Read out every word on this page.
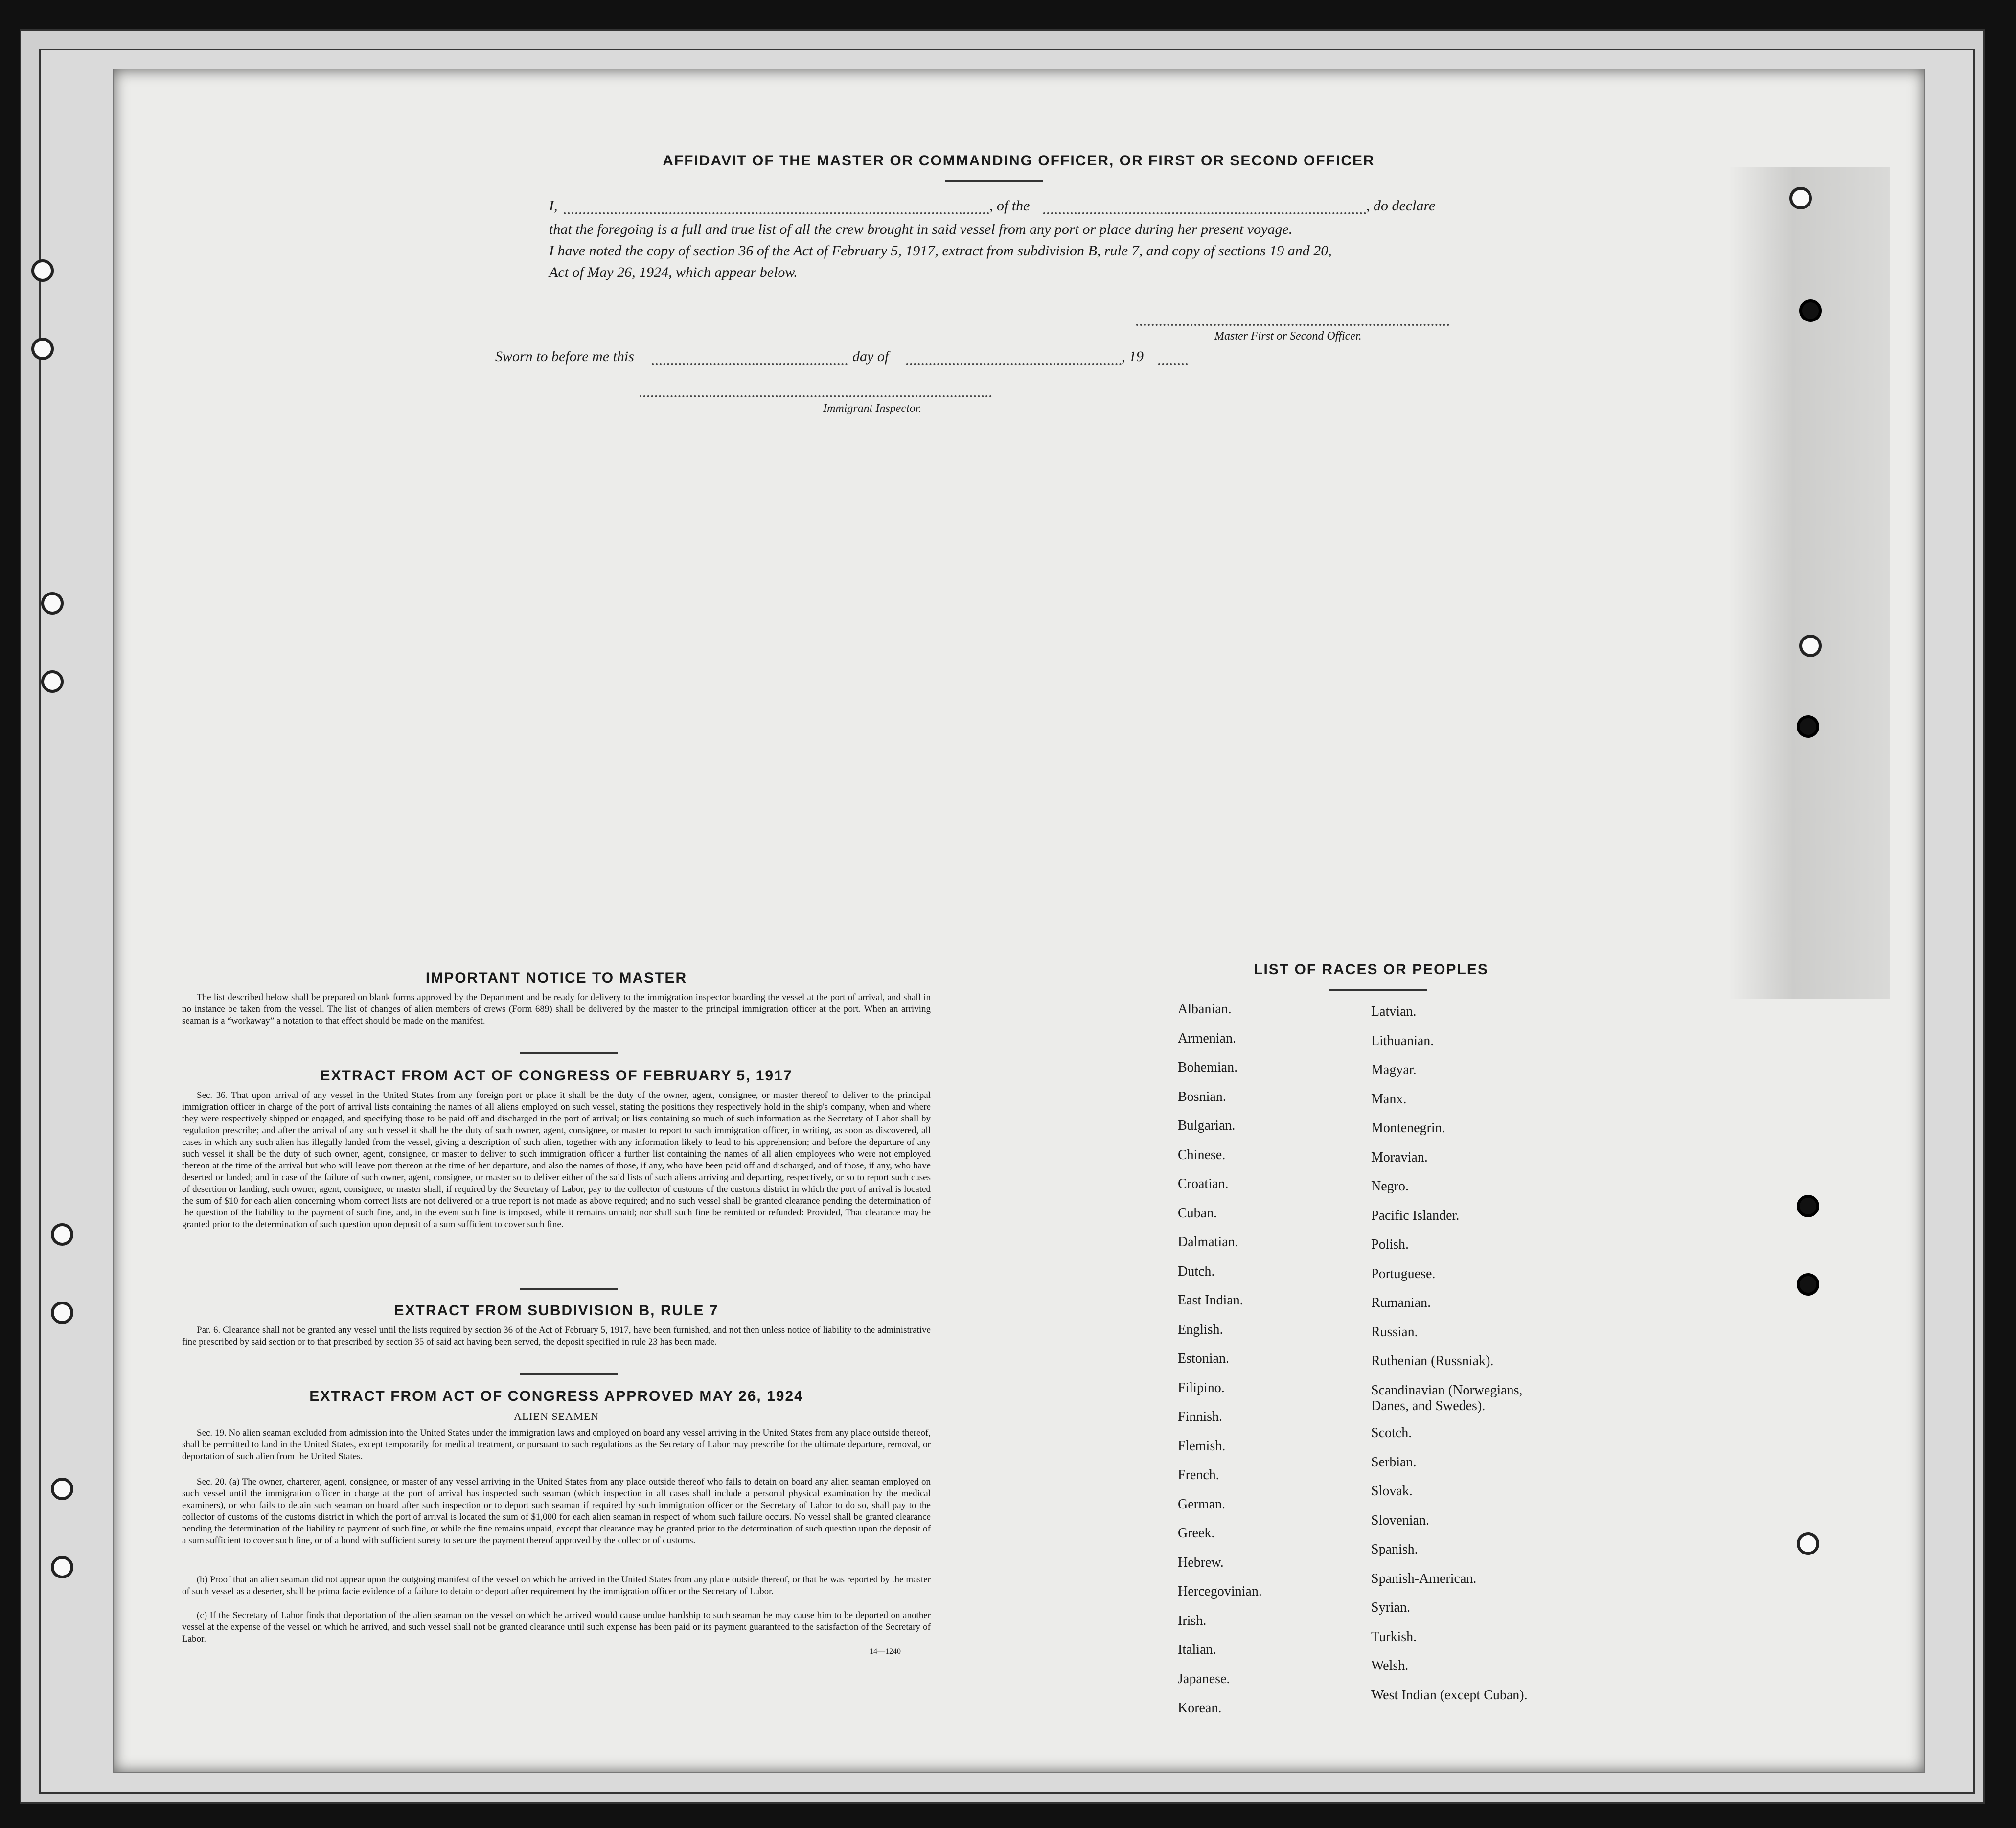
AFFIDAVIT OF THE MASTER OR COMMANDING OFFICER, OR FIRST OR SECOND OFFICER
I,	, of the	, do declare
that the foregoing is a full and true list of all the crew brought in said vessel from any port or place during her present voyage.
I have noted the copy of section 36 of the Act of February 5, 1917, extract from subdivision B, rule 7, and copy of sections 19 and 20,
Act of May 26, 1924, which appear below.
Master First or Second Officer.
Sworn to before me this	day of	, 19
Immigrant Inspector.
IMPORTANT NOTICE TO MASTER
The list described below shall be prepared on blank forms approved by the Department and be ready for delivery to the immigration inspector boarding the vessel at the port of arrival, and shall in no instance be taken from the vessel. The list of changes of alien members of crews (Form 689) shall be delivered by the master to the principal immigration officer at the port. When an arriving seaman is a “workaway” a notation to that effect should be made on the manifest.
EXTRACT FROM ACT OF CONGRESS OF FEBRUARY 5, 1917
Sec. 36. That upon arrival of any vessel in the United States from any foreign port or place it shall be the duty of the owner, agent, consignee, or master thereof to deliver to the principal immigration officer in charge of the port of arrival lists containing the names of all aliens employed on such vessel, stating the positions they respectively hold in the ship's company, when and where they were respectively shipped or engaged, and specifying those to be paid off and discharged in the port of arrival; or lists containing so much of such information as the Secretary of Labor shall by regulation prescribe; and after the arrival of any such vessel it shall be the duty of such owner, agent, consignee, or master to report to such immigration officer, in writing, as soon as discovered, all cases in which any such alien has illegally landed from the vessel, giving a description of such alien, together with any information likely to lead to his apprehension; and before the departure of any such vessel it shall be the duty of such owner, agent, consignee, or master to deliver to such immigration officer a further list containing the names of all alien employees who were not employed thereon at the time of the arrival but who will leave port thereon at the time of her departure, and also the names of those, if any, who have been paid off and discharged, and of those, if any, who have deserted or landed; and in case of the failure of such owner, agent, consignee, or master so to deliver either of the said lists of such aliens arriving and departing, respectively, or so to report such cases of desertion or landing, such owner, agent, consignee, or master shall, if required by the Secretary of Labor, pay to the collector of customs of the customs district in which the port of arrival is located the sum of $10 for each alien concerning whom correct lists are not delivered or a true report is not made as above required; and no such vessel shall be granted clearance pending the determination of the question of the liability to the payment of such fine, and, in the event such fine is imposed, while it remains unpaid; nor shall such fine be remitted or refunded: Provided, That clearance may be granted prior to the determination of such question upon deposit of a sum sufficient to cover such fine.
EXTRACT FROM SUBDIVISION B, RULE 7
Par. 6. Clearance shall not be granted any vessel until the lists required by section 36 of the Act of February 5, 1917, have been furnished, and not then unless notice of liability to the administrative fine prescribed by said section or to that prescribed by section 35 of said act having been served, the deposit specified in rule 23 has been made.
EXTRACT FROM ACT OF CONGRESS APPROVED MAY 26, 1924
ALIEN SEAMEN
Sec. 19. No alien seaman excluded from admission into the United States under the immigration laws and employed on board any vessel arriving in the United States from any place outside thereof, shall be permitted to land in the United States, except temporarily for medical treatment, or pursuant to such regulations as the Secretary of Labor may prescribe for the ultimate departure, removal, or deportation of such alien from the United States.
Sec. 20. (a) The owner, charterer, agent, consignee, or master of any vessel arriving in the United States from any place outside thereof who fails to detain on board any alien seaman employed on such vessel until the immigration officer in charge at the port of arrival has inspected such seaman (which inspection in all cases shall include a personal physical examination by the medical examiners), or who fails to detain such seaman on board after such inspection or to deport such seaman if required by such immigration officer or the Secretary of Labor to do so, shall pay to the collector of customs of the customs district in which the port of arrival is located the sum of $1,000 for each alien seaman in respect of whom such failure occurs. No vessel shall be granted clearance pending the determination of the liability to payment of such fine, or while the fine remains unpaid, except that clearance may be granted prior to the determination of such question upon the deposit of a sum sufficient to cover such fine, or of a bond with sufficient surety to secure the payment thereof approved by the collector of customs.
(b) Proof that an alien seaman did not appear upon the outgoing manifest of the vessel on which he arrived in the United States from any place outside thereof, or that he was reported by the master of such vessel as a deserter, shall be prima facie evidence of a failure to detain or deport after requirement by the immigration officer or the Secretary of Labor.
(c) If the Secretary of Labor finds that deportation of the alien seaman on the vessel on which he arrived would cause undue hardship to such seaman he may cause him to be deported on another vessel at the expense of the vessel on which he arrived, and such vessel shall not be granted clearance until such expense has been paid or its payment guaranteed to the satisfaction of the Secretary of Labor.
14—1240
LIST OF RACES OR PEOPLES
Albanian.
Armenian.
Bohemian.
Bosnian.
Bulgarian.
Chinese.
Croatian.
Cuban.
Dalmatian.
Dutch.
East Indian.
English.
Estonian.
Filipino.
Finnish.
Flemish.
French.
German.
Greek.
Hebrew.
Hercegovinian.
Irish.
Italian.
Japanese.
Korean.
Latvian.
Lithuanian.
Magyar.
Manx.
Montenegrin.
Moravian.
Negro.
Pacific Islander.
Polish.
Portuguese.
Rumanian.
Russian.
Ruthenian (Russniak).
Scandinavian (Norwegians,
Danes, and Swedes).
Scotch.
Serbian.
Slovak.
Slovenian.
Spanish.
Spanish-American.
Syrian.
Turkish.
Welsh.
West Indian (except Cuban).
